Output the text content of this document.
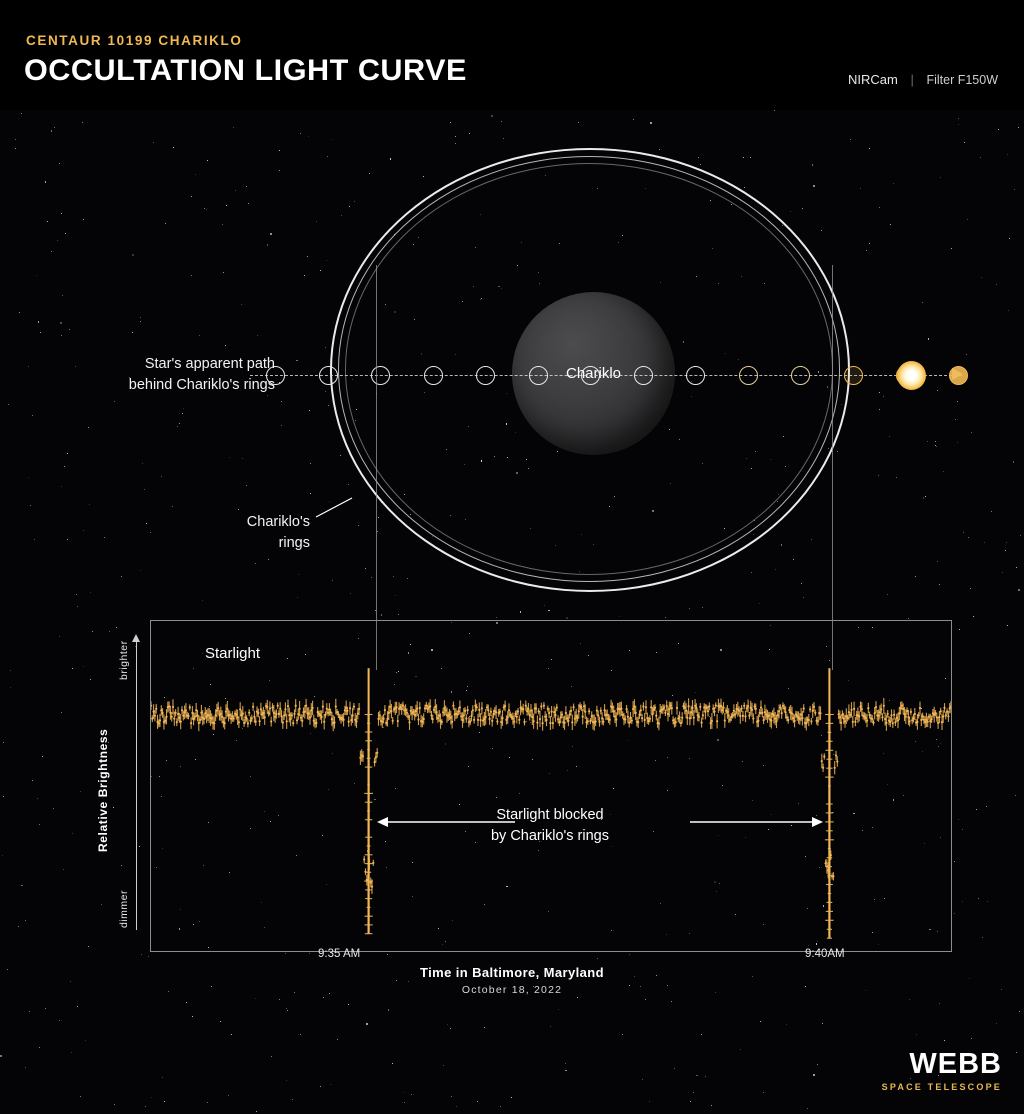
CENTAUR 10199 CHARIKLO
OCCULTATION LIGHT CURVE	NIRCam | Filter F150W
Chariklo
Star's apparent path
behind Chariklo's rings
Chariklo's
rings
Relative Brightness
brighter
dimmer
Starlight
Starlight blocked
by Chariklo's rings
9:35 AM	9:40AM
Time in Baltimore, Maryland
October 18, 2022
WEBB
SPACE TELESCOPE
